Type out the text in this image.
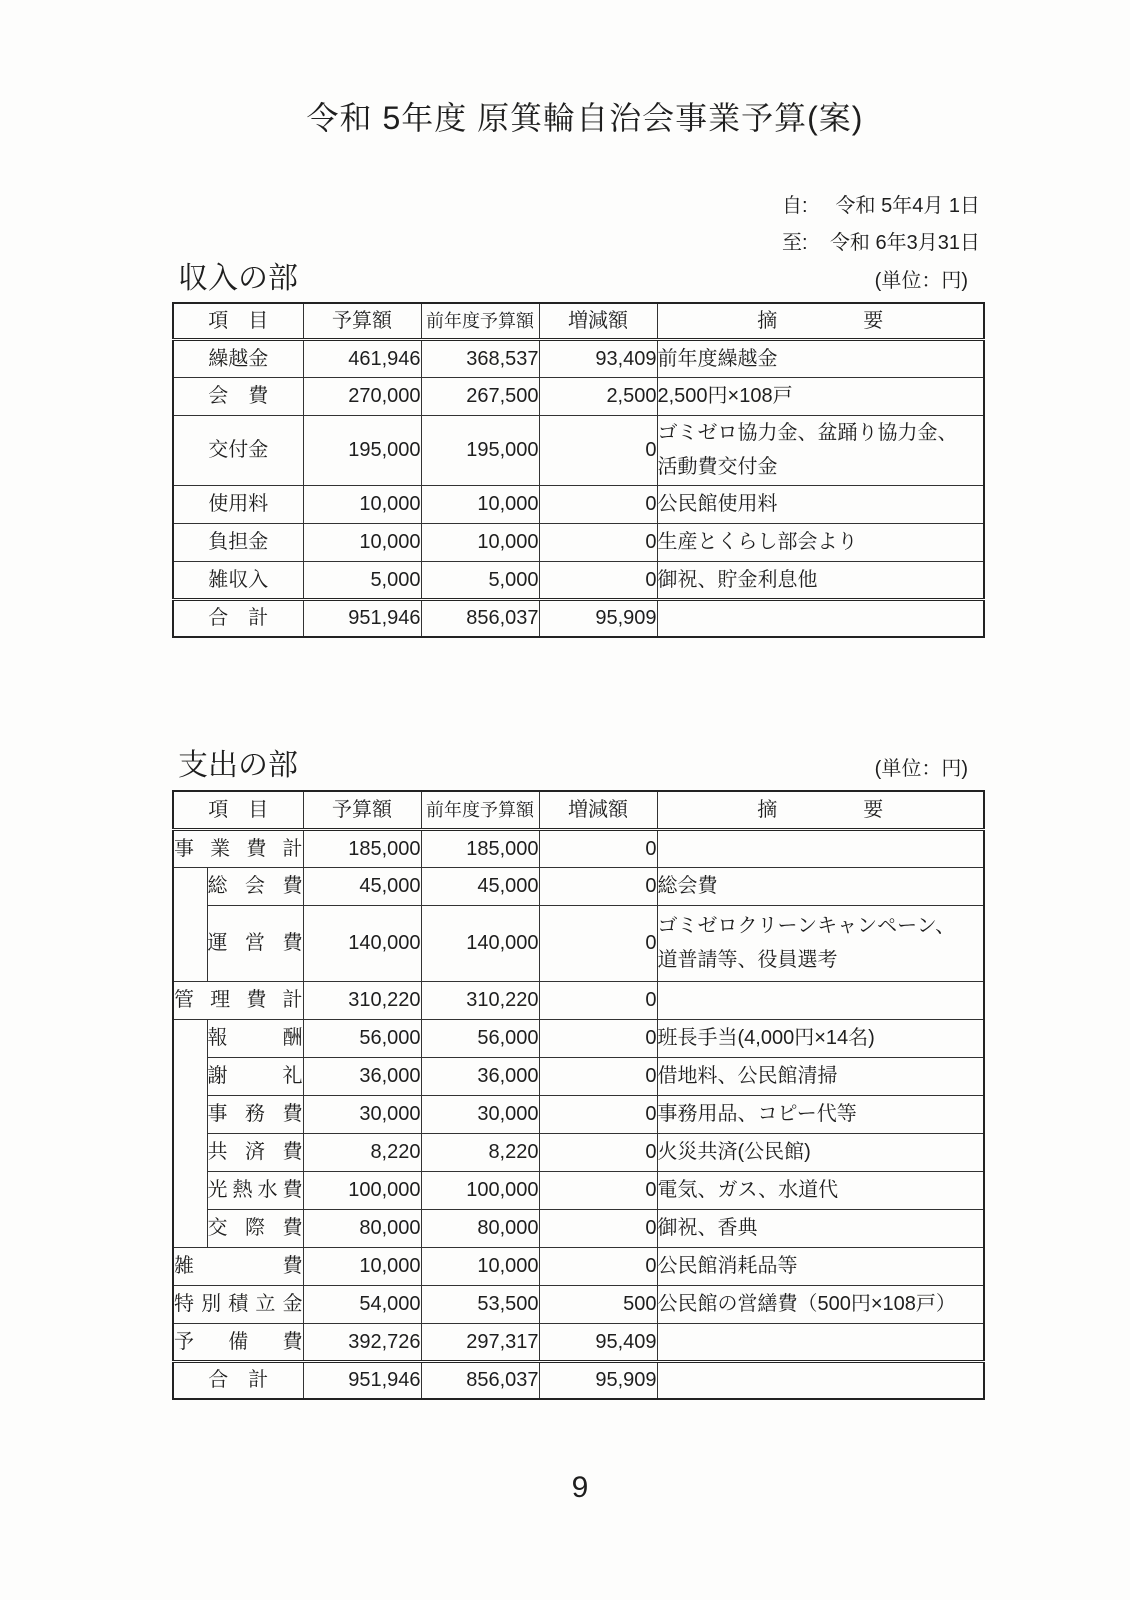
令和 5年度 原箕輪自治会事業予算(案)
自: 令和 5年4月 1日
至: 令和 6年3月31日
収入の部	(単位：円)
項　目	予算額	前年度予算額	増減額	摘 要
繰越金	461,946	368,537	93,409	前年度繰越金
会　費	270,000	267,500	2,500	2,500円×108戸
交付金	195,000	195,000	0	ゴミゼロ協力金、盆踊り協力金、
活動費交付金
使用料	10,000	10,000	0	公民館使用料
負担金	10,000	10,000	0	生産とくらし部会より
雑収入	5,000	5,000	0	御祝、貯金利息他
合　計	951,946	856,037	95,909	
支出の部	(単位：円)
項　目		予算額	前年度予算額	増減額	摘 要
事 業 費 計		185,000	185,000	0	
	総 会 費	45,000	45,000	0	総会費
	運 営 費	140,000	140,000	0	ゴミゼロクリーンキャンペーン、
道普請等、役員選考
管 理 費 計		310,220	310,220	0	
	報 酬	56,000	56,000	0	班長手当(4,000円×14名)
	謝 礼	36,000	36,000	0	借地料、公民館清掃
	事 務 費	30,000	30,000	0	事務用品、コピー代等
	共 済 費	8,220	8,220	0	火災共済(公民館)
	光熱水費	100,000	100,000	0	電気、ガス、水道代
	交 際 費	80,000	80,000	0	御祝、香典
雑 費		10,000	10,000	0	公民館消耗品等
特別積立金		54,000	53,500	500	公民館の営繕費（500円×108戸）
予 備 費		392,726	297,317	95,409	
合　計		951,946	856,037	95,909	
9
